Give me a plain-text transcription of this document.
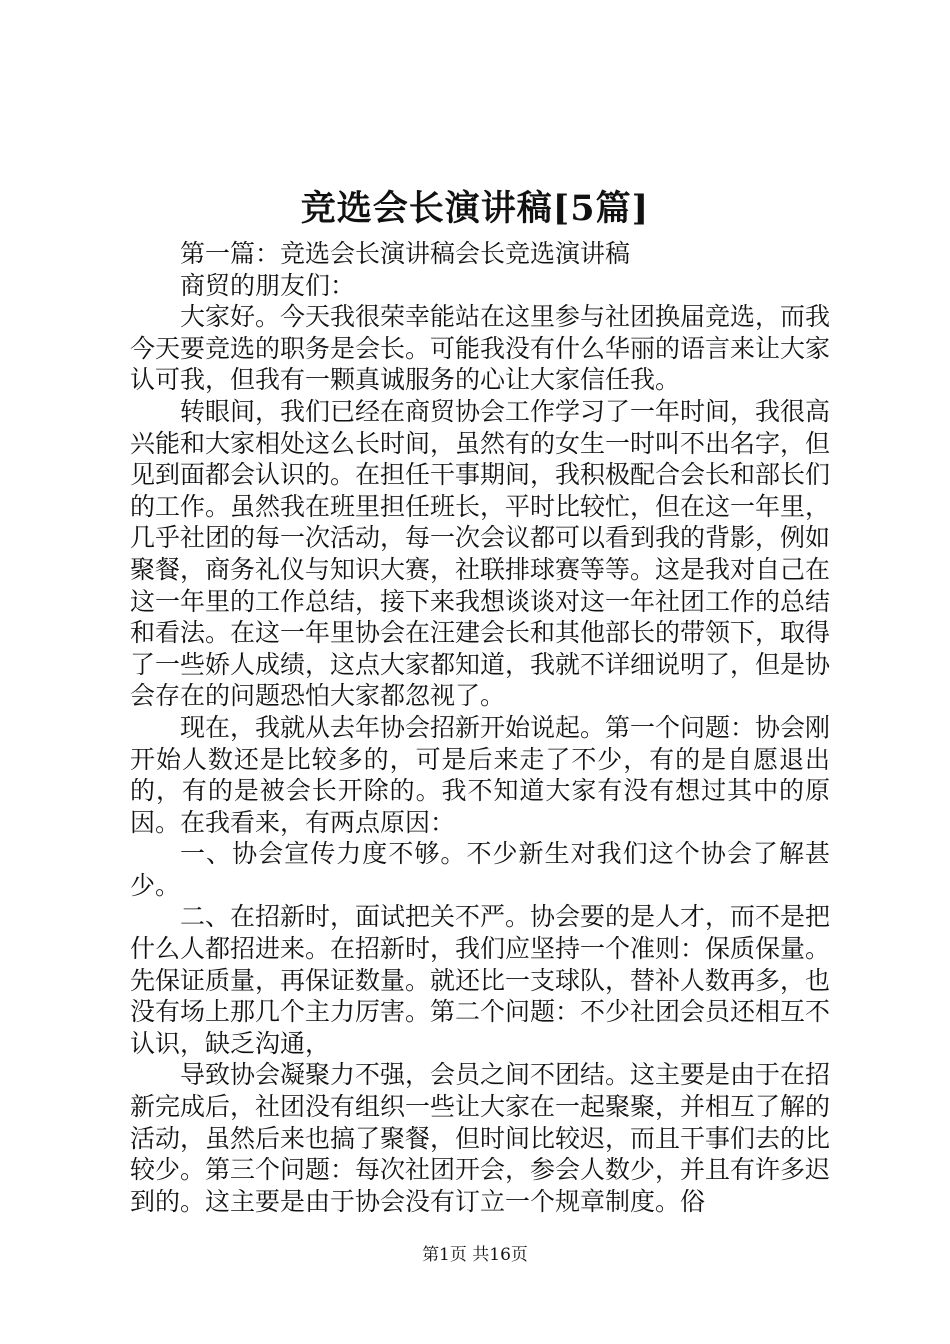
竞选会长演讲稿[5篇]

第一篇：竞选会长演讲稿会长竞选演讲稿

商贸的朋友们：

大家好。今天我很荣幸能站在这里参与社团换届竞选，而我今天要竞选的职务是会长。可能我没有什么华丽的语言来让大家认可我，但我有一颗真诚服务的心让大家信任我。

转眼间，我们已经在商贸协会工作学习了一年时间，我很高兴能和大家相处这么长时间，虽然有的女生一时叫不出名字，但见到面都会认识的。在担任干事期间，我积极配合会长和部长们的工作。虽然我在班里担任班长，平时比较忙，但在这一年里，几乎社团的每一次活动，每一次会议都可以看到我的背影，例如聚餐，商务礼仪与知识大赛，社联排球赛等等。这是我对自己在这一年里的工作总结，接下来我想谈谈对这一年社团工作的总结和看法。在这一年里协会在汪建会长和其他部长的带领下，取得了一些娇人成绩，这点大家都知道，我就不详细说明了，但是协会存在的问题恐怕大家都忽视了。

现在，我就从去年协会招新开始说起。第一个问题：协会刚开始人数还是比较多的，可是后来走了不少，有的是自愿退出的，有的是被会长开除的。我不知道大家有没有想过其中的原因。在我看来，有两点原因：

一、协会宣传力度不够。不少新生对我们这个协会了解甚少。

二、在招新时，面试把关不严。协会要的是人才，而不是把什么人都招进来。在招新时，我们应坚持一个准则：保质保量。先保证质量，再保证数量。就还比一支球队，替补人数再多，也没有场上那几个主力厉害。第二个问题：不少社团会员还相互不认识，缺乏沟通，

导致协会凝聚力不强，会员之间不团结。这主要是由于在招新完成后，社团没有组织一些让大家在一起聚聚，并相互了解的活动，虽然后来也搞了聚餐，但时间比较迟，而且干事们去的比较少。第三个问题：每次社团开会，参会人数少，并且有许多迟到的。这主要是由于协会没有订立一个规章制度。俗

第1页 共16页
